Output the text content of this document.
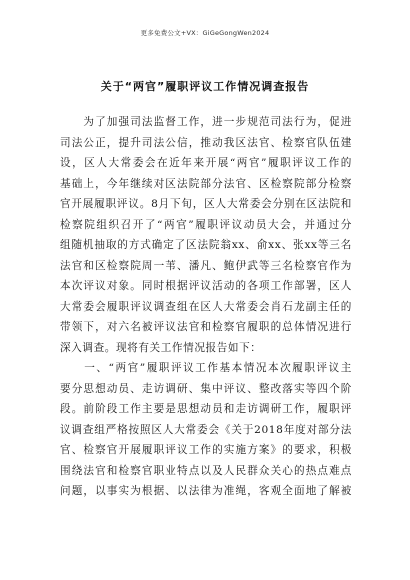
更多免费公文+VX：GiGeGongWen2024
关于“两官”履职评议工作情况调查报告
　　为了加强司法监督工作，进一步规范司法行为，促进
司法公正，提升司法公信，推动我区法官、检察官队伍建
设，区人大常委会在近年来开展“两官”履职评议工作的
基础上，今年继续对区法院部分法官、区检察院部分检察
官开展履职评议。8月下旬，区人大常委会分别在区法院和
检察院组织召开了“两官”履职评议动员大会，并通过分
组随机抽取的方式确定了区法院翁xx、俞xx、张xx等三名
法官和区检察院周一苇、潘凡、鲍伊武等三名检察官作为
本次评议对象。同时根据评议活动的各项工作部署，区人
大常委会履职评议调查组在区人大常委会肖石龙副主任的
带领下，对六名被评议法官和检察官履职的总体情况进行
深入调查。现将有关工作情况报告如下：
　　一、“两官”履职评议工作基本情况本次履职评议主
要分思想动员、走访调研、集中评议、整改落实等四个阶
段。前阶段工作主要是思想动员和走访调研工作，履职评
议调查组严格按照区人大常委会《关于2018年度对部分法
官、检察官开展履职评议工作的实施方案》的要求，积极
围绕法官和检察官职业特点以及人民群众关心的热点难点
问题，以事实为根据、以法律为准绳，客观全面地了解被
